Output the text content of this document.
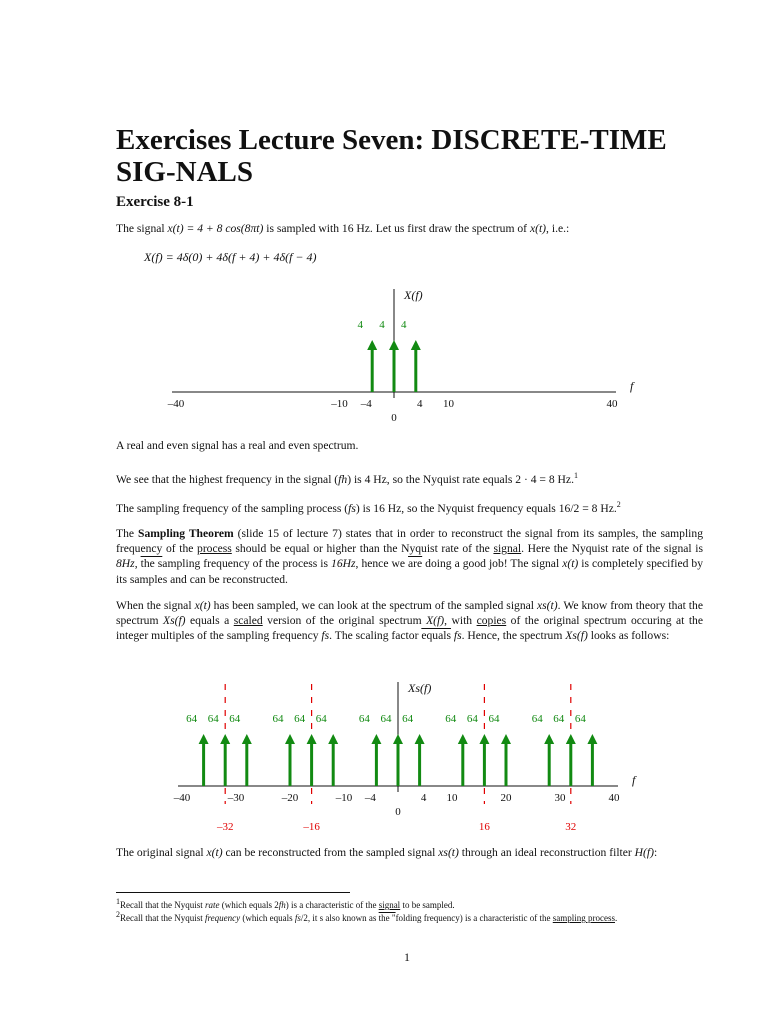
Exercises Lecture Seven: DISCRETE-TIME SIG-NALS
Exercise 8-1

The signal x(t) = 4 + 8 cos(8πt) is sampled with 16 Hz. Let us first draw the spectrum of x(t), i.e.:

X(f) = 4δ(0) + 4δ(f + 4) + 4δ(f − 4)
X(f)
f
4 4 4
–40	–10 –4
0
4 10	40

A real and even signal has a real and even spectrum.

We see that the highest frequency in the signal (fh) is 4 Hz, so the Nyquist rate equals 2 · 4 = 8 Hz.$^1$

The sampling frequency of the sampling process (fs) is 16 Hz, so the Nyquist frequency equals 16/2 = 8 Hz.$^2$

The Sampling Theorem (slide 15 of lecture 7) states that in order to reconstruct the signal from its samples, the sampling frequency of the process should be equal or higher than the Nyquist rate of the signal. Here the Nyquist rate of the signal is 8Hz, the sampling frequency of the process is 16Hz, hence we $\overline{are}$ doing a good job! The signal x(t) is completely specified by its samples and can be reconstructed.

When the signal x(t) has been sampled, we can look at the spectrum of the sampled signal xs(t). We know from theory that the spectrum Xs(f) equals a scaled version of the original spectrum X(f), with copies of the original spectrum occuring at the integer multiples of the sampling frequency fs. The scaling factor equals fs. Hence, the spectrum Xs(f) looks as follows:

Xs(f)
f
–32	–16	16	32
64 64 64	64 64 64	64 64 64	64 64 64	64 64 64
–40	–30	–20	–10 –4
0
4 10	20	30	40

The original signal x(t) can be reconstructed from the sampled signal xs(t) through an ideal reconstruction filter H(f):

$^1$Recall that the Nyquist rate (which equals 2fh) is a characteristic of the signal to be sampled.
$^2$Recall that the Nyquist frequency (which equals fs/2, it s also known as the "folding frequency) is a characteristic of the sampling process.
1
